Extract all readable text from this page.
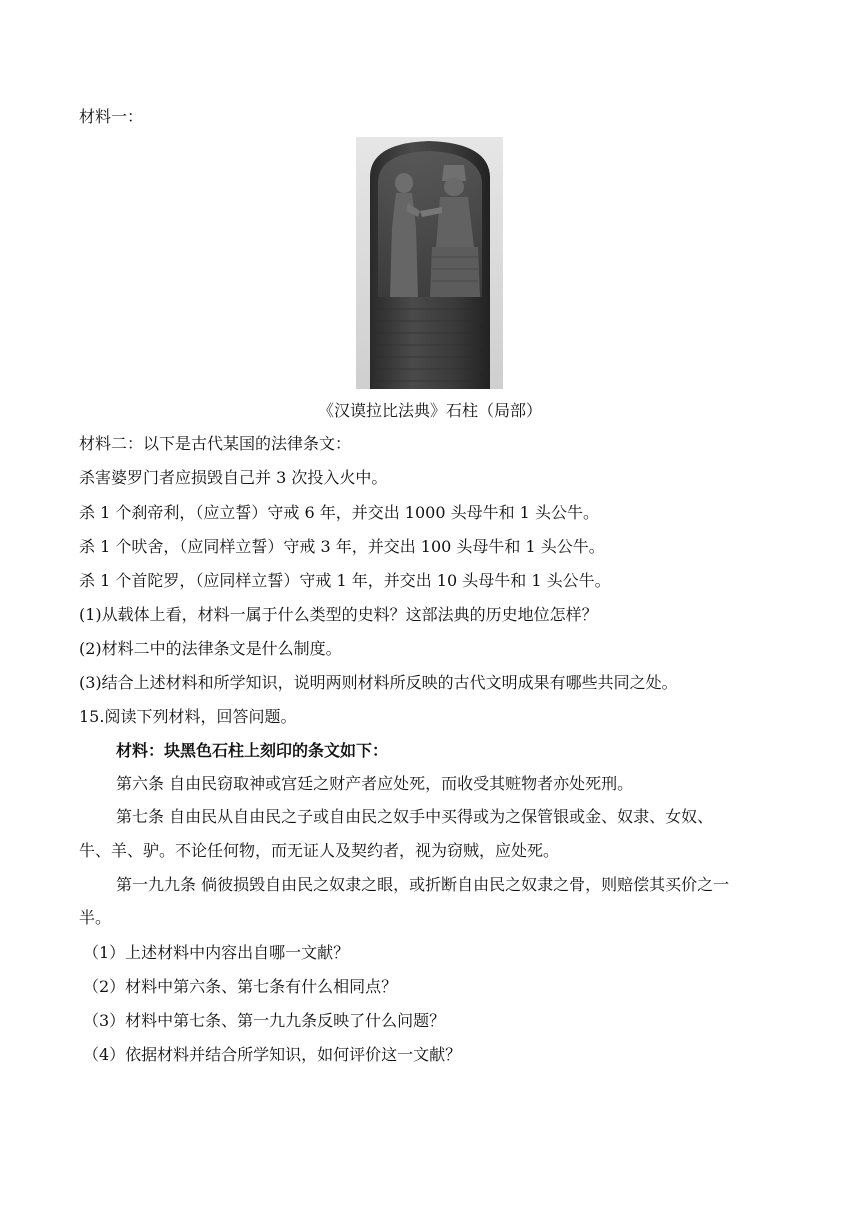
材料一：
《汉谟拉比法典》石柱（局部）
材料二：以下是古代某国的法律条文：
杀害婆罗门者应损毁自己并 3 次投入火中。
杀 1 个刹帝利，（应立誓）守戒 6 年，并交出 1000 头母牛和 1 头公牛。
杀 1 个吠舍，（应同样立誓）守戒 3 年，并交出 100 头母牛和 1 头公牛。
杀 1 个首陀罗，（应同样立誓）守戒 1 年，并交出 10 头母牛和 1 头公牛。
(1)从载体上看，材料一属于什么类型的史料？这部法典的历史地位怎样？
(2)材料二中的法律条文是什么制度。
(3)结合上述材料和所学知识，说明两则材料所反映的古代文明成果有哪些共同之处。
15.阅读下列材料，回答问题。
材料：块黑色石柱上刻印的条文如下：
第六条 自由民窃取神或宫廷之财产者应处死，而收受其赃物者亦处死刑。
第七条 自由民从自由民之子或自由民之奴手中买得或为之保管银或金、奴隶、女奴、
牛、羊、驴。不论任何物，而无证人及契约者，视为窃贼，应处死。
第一九九条 倘彼损毁自由民之奴隶之眼，或折断自由民之奴隶之骨，则赔偿其买价之一
半。
（1）上述材料中内容出自哪一文献？
（2）材料中第六条、第七条有什么相同点？
（3）材料中第七条、第一九九条反映了什么问题？
（4）依据材料并结合所学知识，如何评价这一文献？
